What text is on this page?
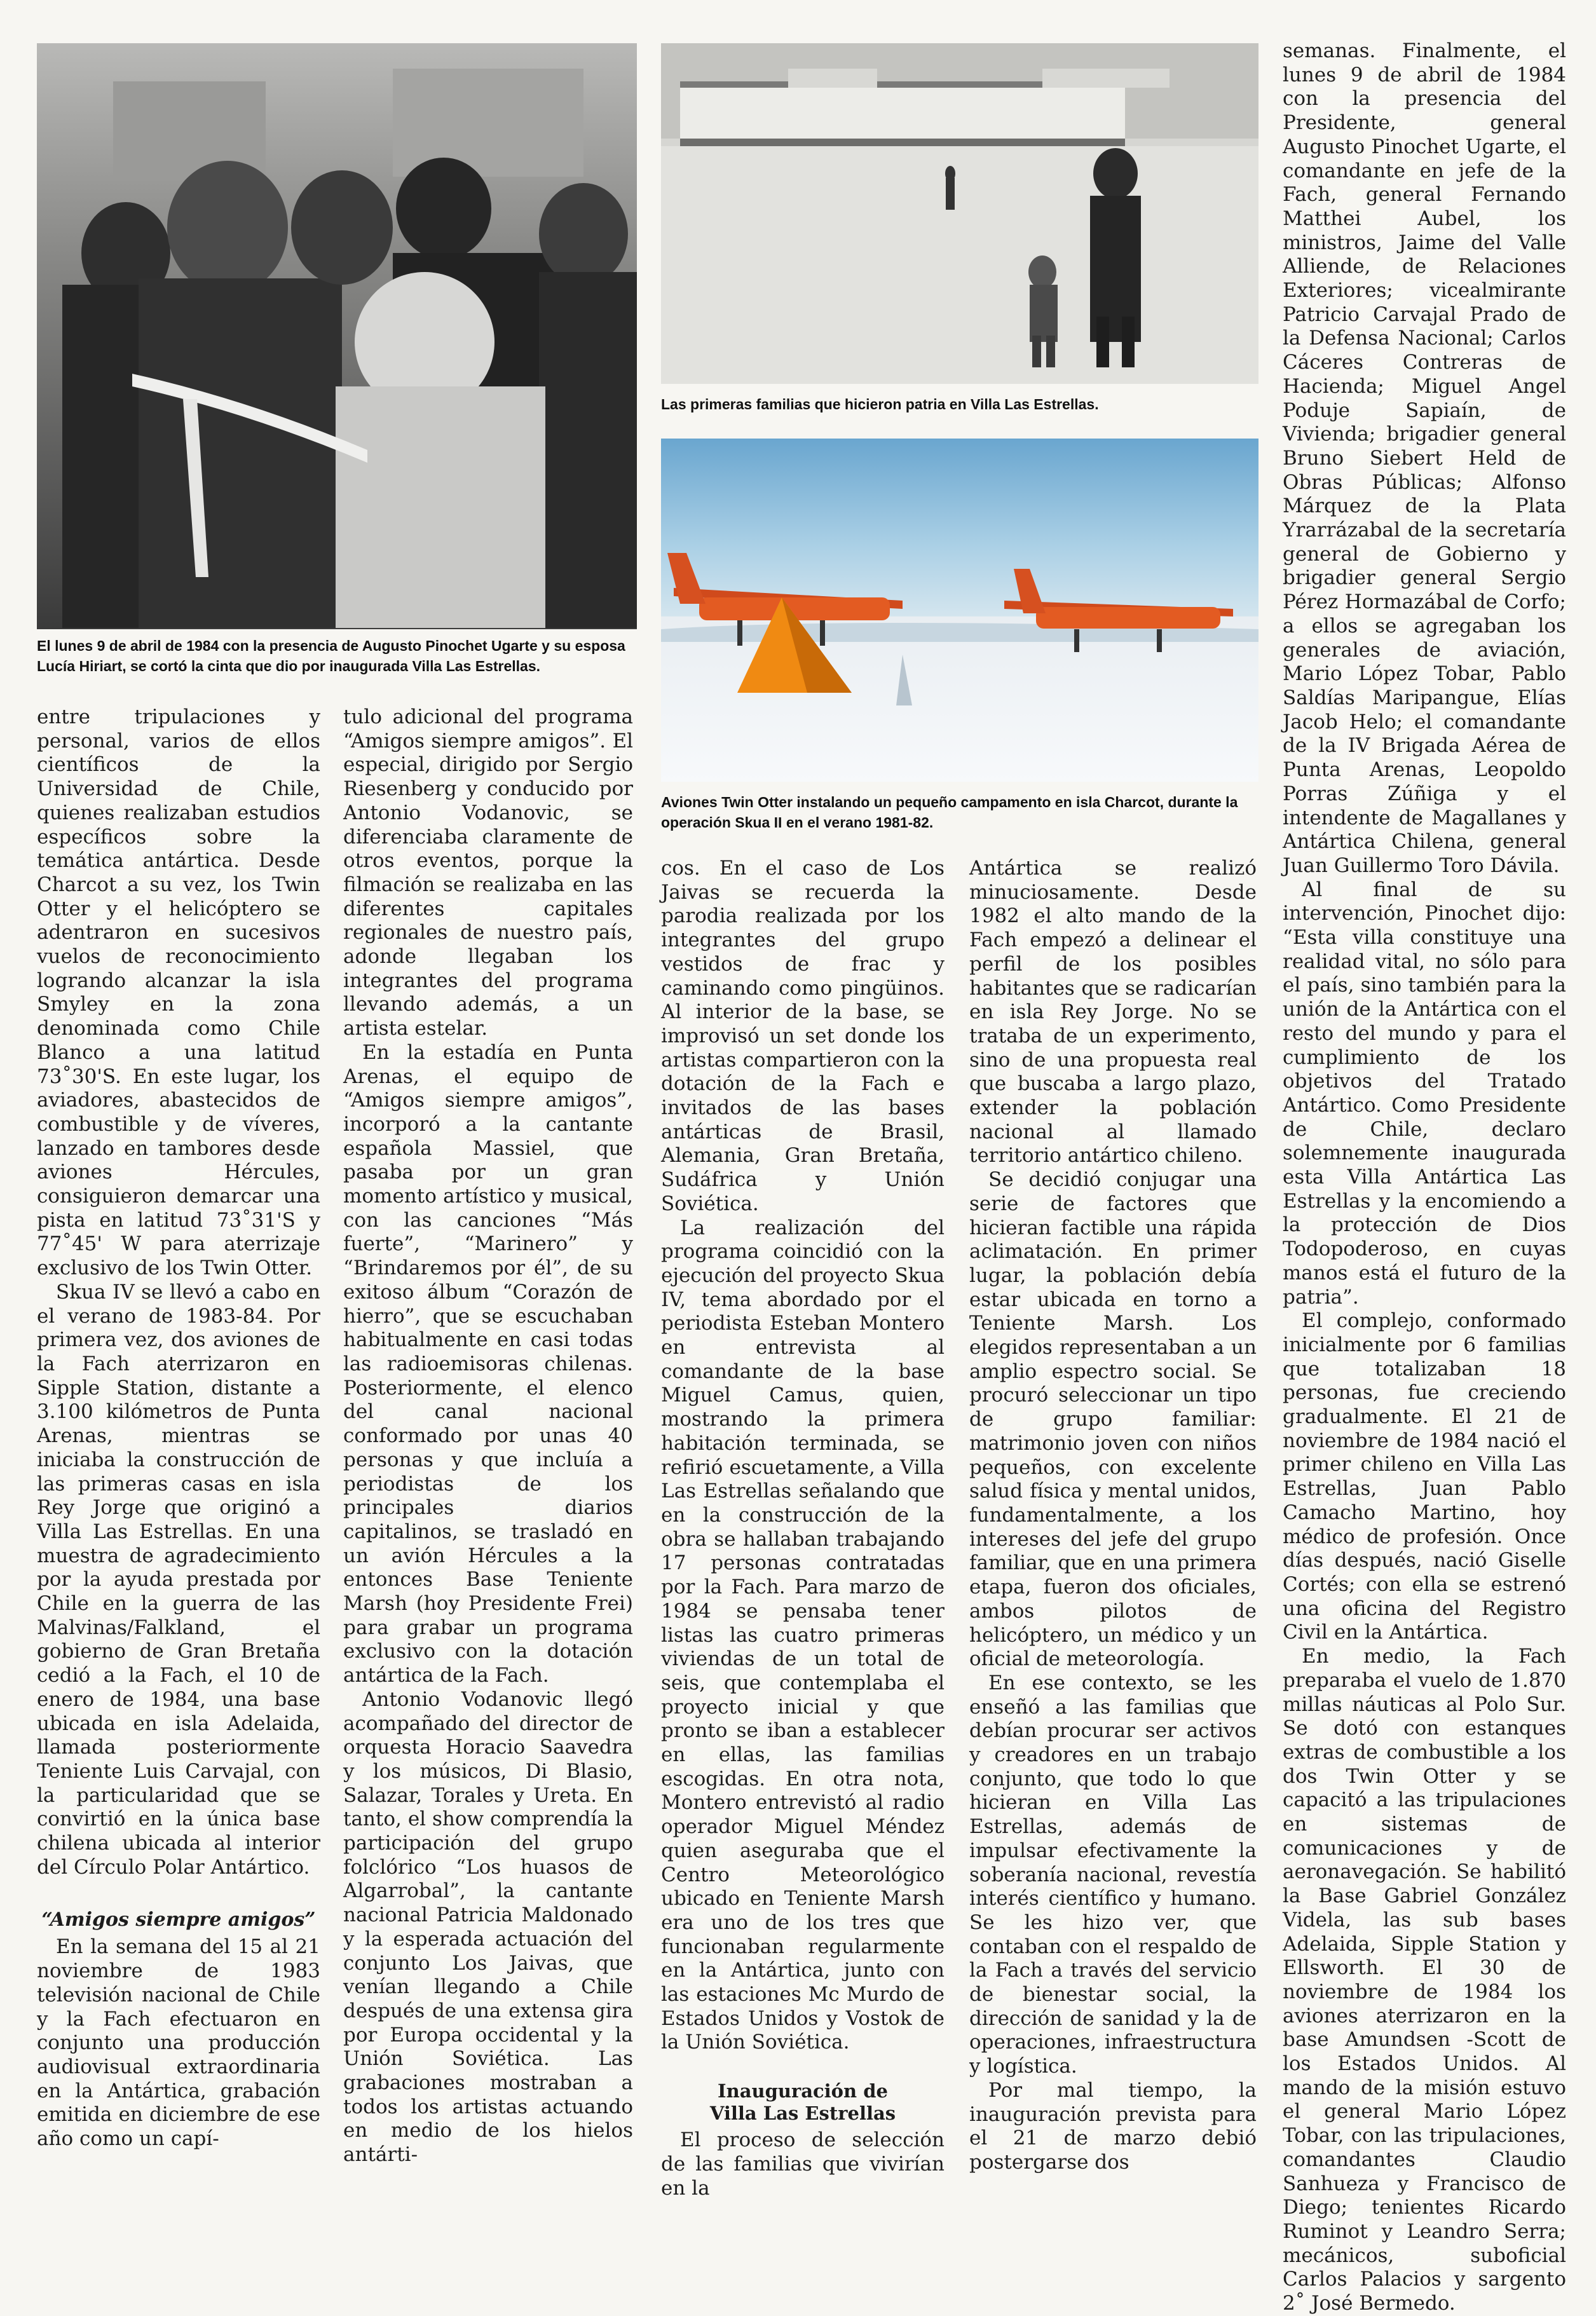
El lunes 9 de abril de 1984 con la presencia de Augusto Pinochet Ugarte y su esposa Lucía Hiriart, se cortó la cinta que dio por inaugurada Villa Las Estrellas.
Las primeras familias que hicieron patria en Villa Las Estrellas.
Aviones Twin Otter instalando un pequeño campamento en isla Charcot, durante la operación Skua II en el verano 1981-82.

entre tripulaciones y personal, varios de ellos científicos de la Universidad de Chile, quienes realizaban estudios específicos sobre la temática antártica. Desde Charcot a su vez, los Twin Otter y el helicóptero se adentraron en sucesivos vuelos de reconocimiento logrando alcanzar la isla Smyley en la zona denominada como Chile Blanco a una latitud 73˚30'S. En este lugar, los aviadores, abastecidos de combustible y de víveres, lanzado en tambores desde aviones Hércules, consiguieron demarcar una pista en latitud 73˚31'S y 77˚45' W para aterrizaje exclusivo de los Twin Otter.

Skua IV se llevó a cabo en el verano de 1983-84. Por primera vez, dos aviones de la Fach aterrizaron en Sipple Station, distante a 3.100 kilómetros de Punta Arenas, mientras se iniciaba la construcción de las primeras casas en isla Rey Jorge que originó a Villa Las Estrellas. En una muestra de agradecimiento por la ayuda prestada por Chile en la guerra de las Malvinas/Falkland, el gobierno de Gran Bretaña cedió a la Fach, el 10 de enero de 1984, una base ubicada en isla Adelaida, llamada posteriormente Teniente Luis Carvajal, con la particularidad que se convirtió en la única base chilena ubicada al interior del Círculo Polar Antártico.

“Amigos siempre amigos”

En la semana del 15 al 21 noviembre de 1983 televisión nacional de Chile y la Fach efectuaron en conjunto una producción audiovisual extraordinaria en la Antártica, grabación emitida en diciembre de ese año como un capí-

tulo adicional del programa “Amigos siempre amigos”. El especial, dirigido por Sergio Riesenberg y conducido por Antonio Vodanovic, se diferenciaba claramente de otros eventos, porque la filmación se realizaba en las diferentes capitales regionales de nuestro país, adonde llegaban los integrantes del programa llevando además, a un artista estelar.

En la estadía en Punta Arenas, el equipo de “Amigos siempre amigos”, incorporó a la cantante española Massiel, que pasaba por un gran momento artístico y musical, con las canciones “Más fuerte”, “Marinero” y “Brindaremos por él”, de su exitoso álbum “Corazón de hierro”, que se escuchaban habitualmente en casi todas las radioemisoras chilenas. Posteriormente, el elenco del canal nacional conformado por unas 40 personas y que incluía a periodistas de los principales diarios capitalinos, se trasladó en un avión Hércules a la entonces Base Teniente Marsh (hoy Presidente Frei) para grabar un programa exclusivo con la dotación antártica de la Fach.

Antonio Vodanovic llegó acompañado del director de orquesta Horacio Saavedra y los músicos, Di Blasio, Salazar, Torales y Ureta. En tanto, el show comprendía la participación del grupo folclórico “Los huasos de Algarrobal”, la cantante nacional Patricia Maldonado y la esperada actuación del conjunto Los Jaivas, que venían llegando a Chile después de una extensa gira por Europa occidental y la Unión Soviética. Las grabaciones mostraban a todos los artistas actuando en medio de los hielos antárti-

cos. En el caso de Los Jaivas se recuerda la parodia realizada por los integrantes del grupo vestidos de frac y caminando como pingüinos. Al interior de la base, se improvisó un set donde los artistas compartieron con la dotación de la Fach e invitados de las bases antárticas de Brasil, Alemania, Gran Bretaña, Sudáfrica y Unión Soviética.

La realización del programa coincidió con la ejecución del proyecto Skua IV, tema abordado por el periodista Esteban Montero en entrevista al comandante de la base Miguel Camus, quien, mostrando la primera habitación terminada, se refirió escuetamente, a Villa Las Estrellas señalando que en la construcción de la obra se hallaban trabajando 17 personas contratadas por la Fach. Para marzo de 1984 se pensaba tener listas las cuatro primeras viviendas de un total de seis, que contemplaba el proyecto inicial y que pronto se iban a establecer en ellas, las familias escogidas. En otra nota, Montero entrevistó al radio operador Miguel Méndez quien aseguraba que el Centro Meteorológico ubicado en Teniente Marsh era uno de los tres que funcionaban regularmente en la Antártica, junto con las estaciones Mc Murdo de Estados Unidos y Vostok de la Unión Soviética.

Inauguración de
Villa Las Estrellas

El proceso de selección de las familias que vivirían en la

Antártica se realizó minuciosamente. Desde 1982 el alto mando de la Fach empezó a delinear el perfil de los posibles habitantes que se radicarían en isla Rey Jorge. No se trataba de un experimento, sino de una propuesta real que buscaba a largo plazo, extender la población nacional al llamado territorio antártico chileno.

Se decidió conjugar una serie de factores que hicieran factible una rápida aclimatación. En primer lugar, la población debía estar ubicada en torno a Teniente Marsh. Los elegidos representaban a un amplio espectro social. Se procuró seleccionar un tipo de grupo familiar: matrimonio joven con niños pequeños, con excelente salud física y mental unidos, fundamentalmente, a los intereses del jefe del grupo familiar, que en una primera etapa, fueron dos oficiales, ambos pilotos de helicóptero, un médico y un oficial de meteorología.

En ese contexto, se les enseñó a las familias que debían procurar ser activos y creadores en un trabajo conjunto, que todo lo que hicieran en Villa Las Estrellas, además de impulsar efectivamente la soberanía nacional, revestía interés científico y humano. Se les hizo ver, que contaban con el respaldo de la Fach a través del servicio de bienestar social, la dirección de sanidad y la de operaciones, infraestructura y logística.

Por mal tiempo, la inauguración prevista para el 21 de marzo debió postergarse dos

semanas. Finalmente, el lunes 9 de abril de 1984 con la presencia del Presidente, general Augusto Pinochet Ugarte, el comandante en jefe de la Fach, general Fernando Matthei Aubel, los ministros, Jaime del Valle Alliende, de Relaciones Exteriores; vicealmirante Patricio Carvajal Prado de la Defensa Nacional; Carlos Cáceres Contreras de Hacienda; Miguel Angel Poduje Sapiaín, de Vivienda; brigadier general Bruno Siebert Held de Obras Públicas; Alfonso Márquez de la Plata Yrarrázabal de la secretaría general de Gobierno y brigadier general Sergio Pérez Hormazábal de Corfo; a ellos se agregaban los generales de aviación, Mario López Tobar, Pablo Saldías Maripangue, Elías Jacob Helo; el comandante de la IV Brigada Aérea de Punta Arenas, Leopoldo Porras Zúñiga y el intendente de Magallanes y Antártica Chilena, general Juan Guillermo Toro Dávila.

Al final de su intervención, Pinochet dijo: “Esta villa constituye una realidad vital, no sólo para el país, sino también para la unión de la Antártica con el resto del mundo y para el cumplimiento de los objetivos del Tratado Antártico. Como Presidente de Chile, declaro solemnemente inaugurada esta Villa Antártica Las Estrellas y la encomiendo a la protección de Dios Todopoderoso, en cuyas manos está el futuro de la patria”.

El complejo, conformado inicialmente por 6 familias que totalizaban 18 personas, fue creciendo gradualmente. El 21 de noviembre de 1984 nació el primer chileno en Villa Las Estrellas, Juan Pablo Camacho Martino, hoy médico de profesión. Once días después, nació Giselle Cortés; con ella se estrenó una oficina del Registro Civil en la Antártica.

En medio, la Fach preparaba el vuelo de 1.870 millas náuticas al Polo Sur. Se dotó con estanques extras de combustible a los dos Twin Otter y se capacitó a las tripulaciones en sistemas de comunicaciones y de aeronavegación. Se habilitó la Base Gabriel González Videla, las sub bases Adelaida, Sipple Station y Ellsworth. El 30 de noviembre de 1984 los aviones aterrizaron en la base Amundsen -Scott de los Estados Unidos. Al mando de la misión estuvo el general Mario López Tobar, con las tripulaciones, comandantes Claudio Sanhueza y Francisco de Diego; tenientes Ricardo Ruminot y Leandro Serra; mecánicos, suboficial Carlos Palacios y sargento 2˚ José Bermedo.
